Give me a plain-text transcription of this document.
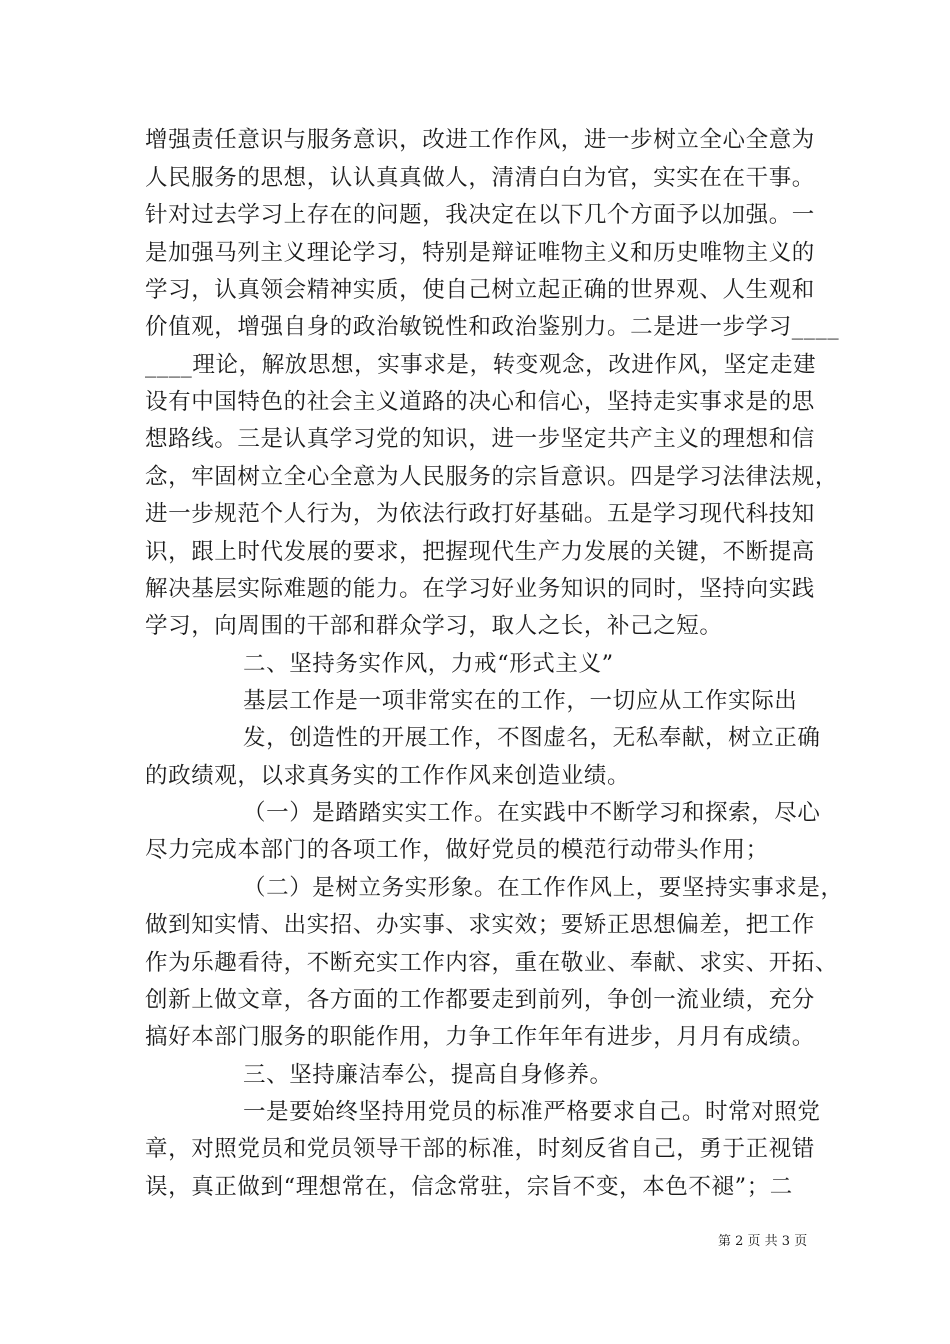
增强责任意识与服务意识，改进工作作风，进一步树立全心全意为
人民服务的思想，认认真真做人，清清白白为官，实实在在干事。
针对过去学习上存在的问题，我决定在以下几个方面予以加强。一
是加强马列主义理论学习，特别是辩证唯物主义和历史唯物主义的
学习，认真领会精神实质，使自己树立起正确的世界观、人生观和
价值观，增强自身的政治敏锐性和政治鉴别力。二是进一步学习____
____理论，解放思想，实事求是，转变观念，改进作风，坚定走建
设有中国特色的社会主义道路的决心和信心，坚持走实事求是的思
想路线。三是认真学习党的知识，进一步坚定共产主义的理想和信
念，牢固树立全心全意为人民服务的宗旨意识。四是学习法律法规，
进一步规范个人行为，为依法行政打好基础。五是学习现代科技知
识，跟上时代发展的要求，把握现代生产力发展的关键，不断提高
解决基层实际难题的能力。在学习好业务知识的同时，坚持向实践
学习，向周围的干部和群众学习，取人之长，补己之短。
二、坚持务实作风，力戒“形式主义”
基层工作是一项非常实在的工作，一切应从工作实际出
发，创造性的开展工作，不图虚名，无私奉献，树立正确
的政绩观，以求真务实的工作作风来创造业绩。
（一）是踏踏实实工作。在实践中不断学习和探索，尽心
尽力完成本部门的各项工作，做好党员的模范行动带头作用；
（二）是树立务实形象。在工作作风上，要坚持实事求是，
做到知实情、出实招、办实事、求实效；要矫正思想偏差，把工作
作为乐趣看待，不断充实工作内容，重在敬业、奉献、求实、开拓、
创新上做文章，各方面的工作都要走到前列，争创一流业绩，充分
搞好本部门服务的职能作用，力争工作年年有进步，月月有成绩。
三、坚持廉洁奉公，提高自身修养。
一是要始终坚持用党员的标准严格要求自己。时常对照党
章，对照党员和党员领导干部的标准，时刻反省自己，勇于正视错
误，真正做到“理想常在，信念常驻，宗旨不变，本色不褪”；二
第 2 页 共 3 页
